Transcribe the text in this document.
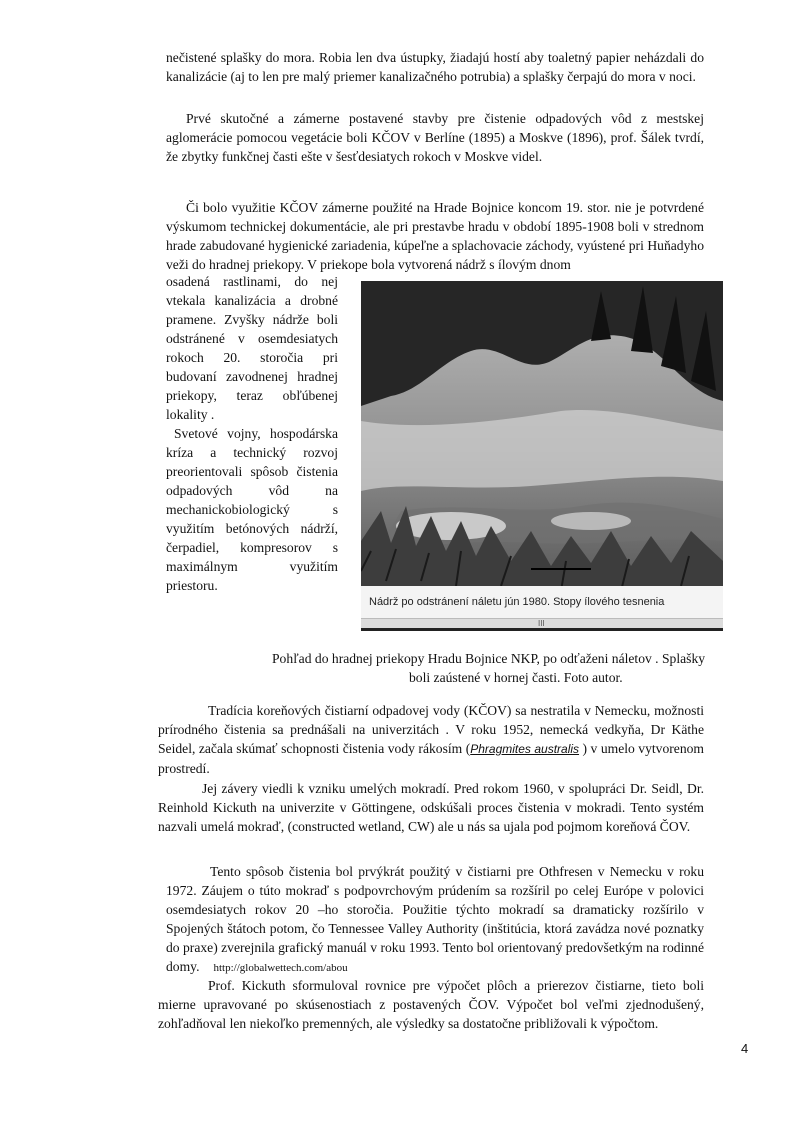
nečistené splašky do mora. Robia len dva ústupky, žiadajú hostí aby toaletný papier neházdali do kanalizácie (aj to len pre malý priemer kanalizačného potrubia) a splašky čerpajú do mora v noci.
Prvé skutočné a zámerne postavené stavby pre čistenie odpadových vôd z mestskej aglomerácie pomocou vegetácie boli KČOV v Berlíne (1895) a Moskve (1896), prof. Šálek tvrdí, že zbytky funkčnej časti ešte v šesťdesiatych rokoch v Moskve videl.
Či bolo využitie KČOV zámerne použité na Hrade Bojnice koncom 19. stor. nie je potvrdené výskumom technickej dokumentácie, ale pri prestavbe hradu v období 1895-1908 boli v strednom hrade zabudované hygienické zariadenia, kúpeľne a splachovacie záchody, vyústené pri Huňadyho veži do hradnej priekopy. V priekope bola vytvorená nádrž s ílovým dnom
osadená rastlinami, do nej vtekala kanalizácia a drobné pramene. Zvyšky nádrže boli odstránené v osemdesiatych rokoch 20. storočia pri budovaní zavodnenej hradnej priekopy, teraz obľúbenej lokality .
Svetové vojny, hospodárska kríza a technický rozvoj preorientovali spôsob čistenia odpadových vôd na mechanickobiologický s využitím betónových nádrží, čerpadiel, kompresorov s maximálnym využitím priestoru.
Nádrž po odstránení náletu jún 1980. Stopy ílového tesnenia
III
Pohľad do hradnej priekopy Hradu Bojnice NKP, po odťaženi náletov . Splašky
boli zaústené v hornej časti. Foto autor.
Tradícia koreňových čistiarní odpadovej vody (KČOV) sa nestratila v Nemecku, možnosti prírodného čistenia sa prednášali na univerzitách . V roku 1952, nemecká vedkyňa, Dr Käthe Seidel, začala skúmať schopnosti čistenia vody rákosím (Phragmites australis ) v umelo vytvorenom prostredí.
Jej závery viedli k vzniku umelých mokradí. Pred rokom 1960, v spolupráci Dr. Seidl, Dr. Reinhold Kickuth na univerzite v Göttingene, odskúšali proces čistenia v mokradi. Tento systém nazvali umelá mokraď, (constructed wetland, CW) ale u nás sa ujala pod pojmom koreňová ČOV.
Tento spôsob čistenia bol prvýkrát použitý v čistiarni pre Othfresen v Nemecku v roku 1972. Záujem o túto mokraď s podpovrchovým prúdením sa rozšíril po celej Európe v polovici osemdesiatych rokov 20 –ho storočia. Použitie týchto mokradí sa dramaticky rozšírilo v Spojených štátoch potom, čo Tennessee Valley Authority (inštitúcia, ktorá zavádza nové poznatky do praxe) zverejnila grafický manuál v roku 1993. Tento bol orientovaný predovšetkým na rodinné domy. http://globalwettech.com/abou
Prof. Kickuth sformuloval rovnice pre výpočet plôch a prierezov čistiarne, tieto boli mierne upravované po skúsenostiach z postavených ČOV. Výpočet bol veľmi zjednodušený, zohľadňoval len niekoľko premenných, ale výsledky sa dostatočne približovali k výpočtom.
4
